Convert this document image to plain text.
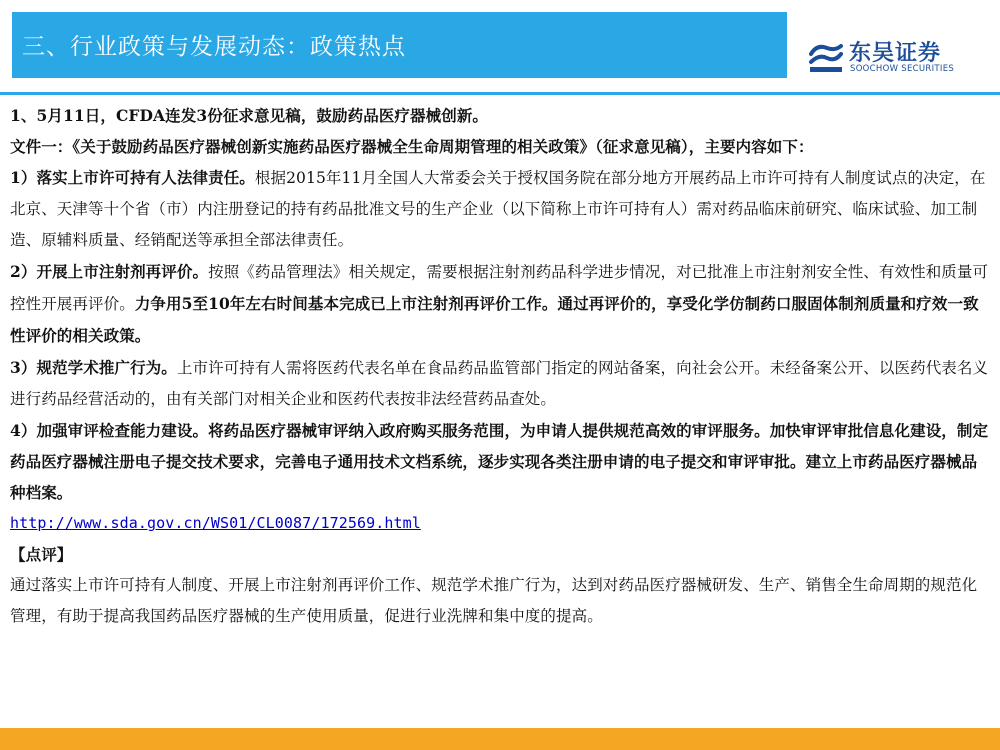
三、行业政策与发展动态：政策热点	东吴证券
SOOCHOW SECURITIES

1、5月11日，CFDA连发3份征求意见稿，鼓励药品医疗器械创新。

文件一：《关于鼓励药品医疗器械创新实施药品医疗器械全生命周期管理的相关政策》（征求意见稿），主要内容如下：

1）落实上市许可持有人法律责任。根据2015年11月全国人大常委会关于授权国务院在部分地方开展药品上市许可持有人制度试点的决定，在北京、天津等十个省（市）内注册登记的持有药品批准文号的生产企业（以下简称上市许可持有人）需对药品临床前研究、临床试验、加工制造、原辅料质量、经销配送等承担全部法律责任。

2）开展上市注射剂再评价。按照《药品管理法》相关规定，需要根据注射剂药品科学进步情况，对已批准上市注射剂安全性、有效性和质量可控性开展再评价。力争用5至10年左右时间基本完成已上市注射剂再评价工作。通过再评价的，享受化学仿制药口服固体制剂质量和疗效一致性评价的相关政策。

3）规范学术推广行为。上市许可持有人需将医药代表名单在食品药品监管部门指定的网站备案，向社会公开。未经备案公开、以医药代表名义进行药品经营活动的，由有关部门对相关企业和医药代表按非法经营药品查处。

4）加强审评检查能力建设。将药品医疗器械审评纳入政府购买服务范围，为申请人提供规范高效的审评服务。加快审评审批信息化建设，制定药品医疗器械注册电子提交技术要求，完善电子通用技术文档系统，逐步实现各类注册申请的电子提交和审评审批。建立上市药品医疗器械品种档案。

http://www.sda.gov.cn/WS01/CL0087/172569.html

【点评】

通过落实上市许可持有人制度、开展上市注射剂再评价工作、规范学术推广行为，达到对药品医疗器械研发、生产、销售全生命周期的规范化管理，有助于提高我国药品医疗器械的生产使用质量，促进行业洗牌和集中度的提高。
